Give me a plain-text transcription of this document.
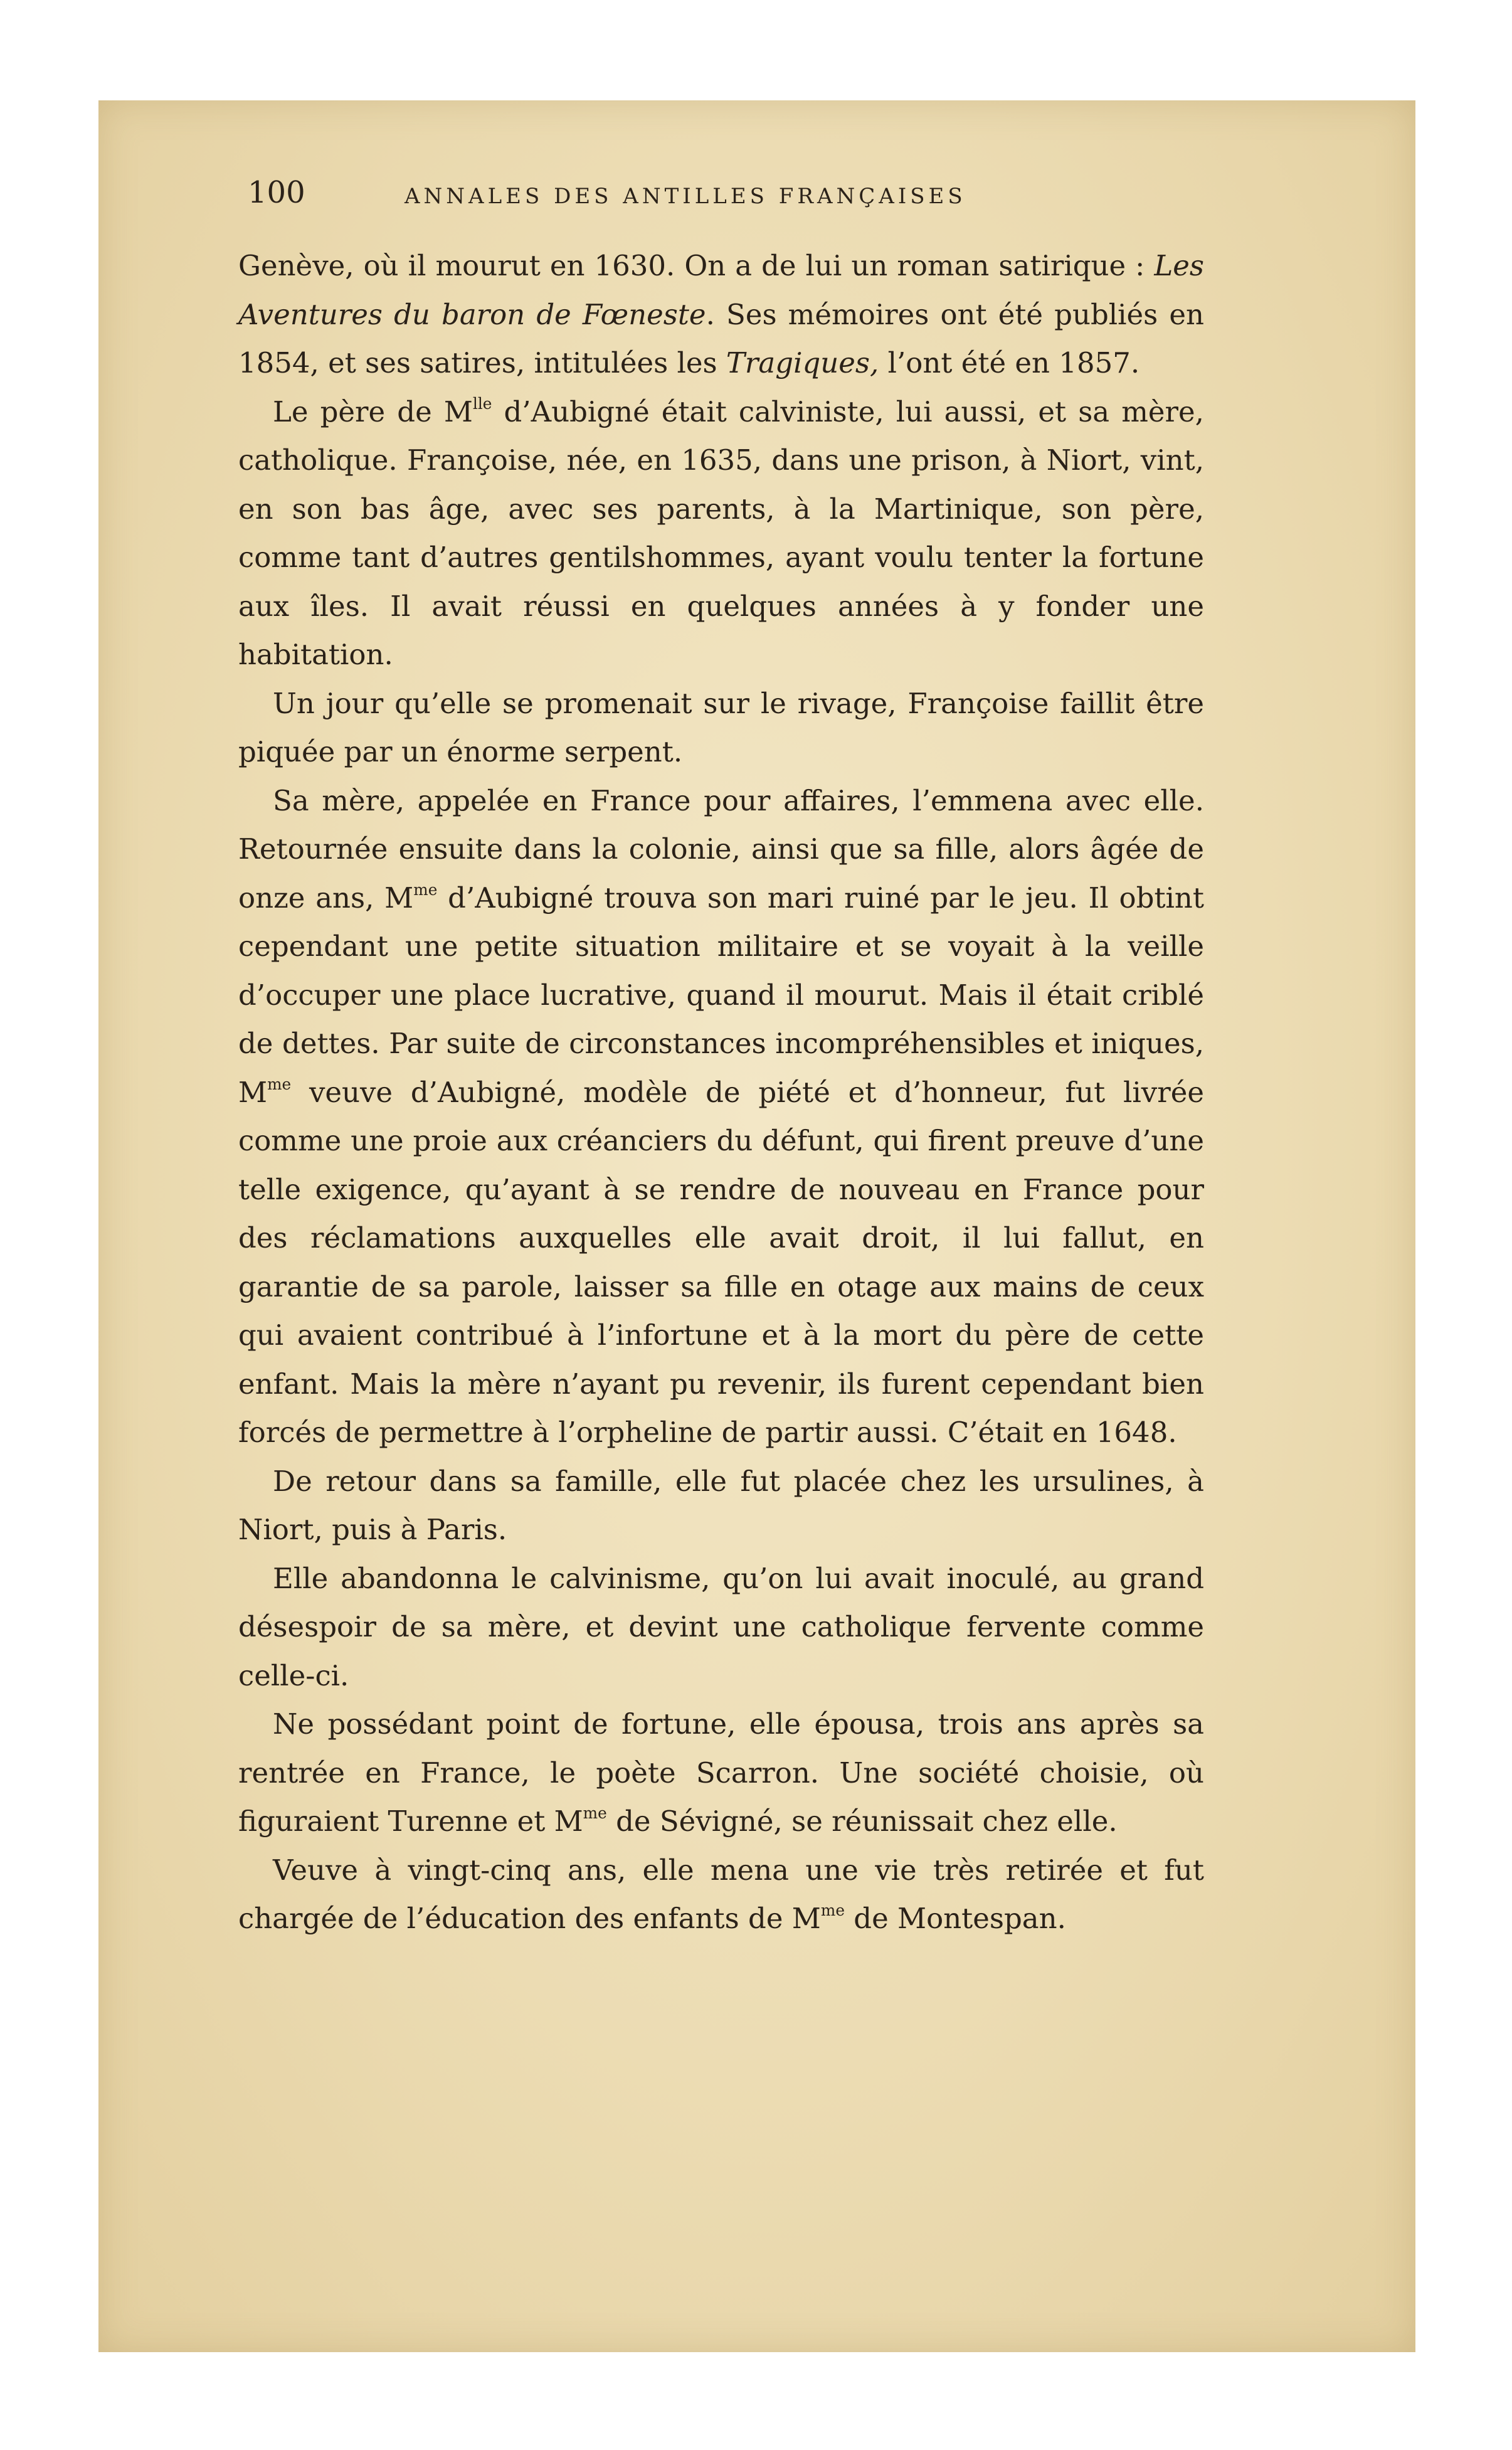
100	ANNALES DES ANTILLES FRANÇAISES

Genève, où il mourut en 1630. On a de lui un roman satirique : Les Aventures du baron de Fœneste. Ses mémoires ont été publiés en 1854, et ses satires, intitulées les Tragiques, l’ont été en 1857.

Le père de $M^{lle}$ d’Aubigné était calviniste, lui aussi, et sa mère, catholique. Françoise, née, en 1635, dans une prison, à Niort, vint, en son bas âge, avec ses parents, à la Martinique, son père, comme tant d’autres gentilshommes, ayant voulu tenter la fortune aux îles. Il avait réussi en quelques années à y fonder une habitation.

Un jour qu’elle se promenait sur le rivage, Françoise faillit être piquée par un énorme serpent.

Sa mère, appelée en France pour affaires, l’emmena avec elle. Retournée ensuite dans la colonie, ainsi que sa fille, alors âgée de onze ans, $M^{me}$ d’Aubigné trouva son mari ruiné par le jeu. Il obtint cependant une petite situation militaire et se voyait à la veille d’occuper une place lucrative, quand il mourut. Mais il était criblé de dettes. Par suite de circonstances incompréhensibles et iniques, $M^{me}$ veuve d’Aubigné, modèle de piété et d’honneur, fut livrée comme une proie aux créanciers du défunt, qui firent preuve d’une telle exigence, qu’ayant à se rendre de nouveau en France pour des réclamations auxquelles elle avait droit, il lui fallut, en garantie de sa parole, laisser sa fille en otage aux mains de ceux qui avaient contribué à l’infortune et à la mort du père de cette enfant. Mais la mère n’ayant pu revenir, ils furent cependant bien forcés de permettre à l’orpheline de partir aussi. C’était en 1648.

De retour dans sa famille, elle fut placée chez les ursulines, à Niort, puis à Paris.

Elle abandonna le calvinisme, qu’on lui avait inoculé, au grand désespoir de sa mère, et devint une catholique fervente comme celle-ci.

Ne possédant point de fortune, elle épousa, trois ans après sa rentrée en France, le poète Scarron. Une société choisie, où figuraient Turenne et $M^{me}$ de Sévigné, se réunissait chez elle.

Veuve à vingt-cinq ans, elle mena une vie très retirée et fut chargée de l’éducation des enfants de $M^{me}$ de Montespan.
